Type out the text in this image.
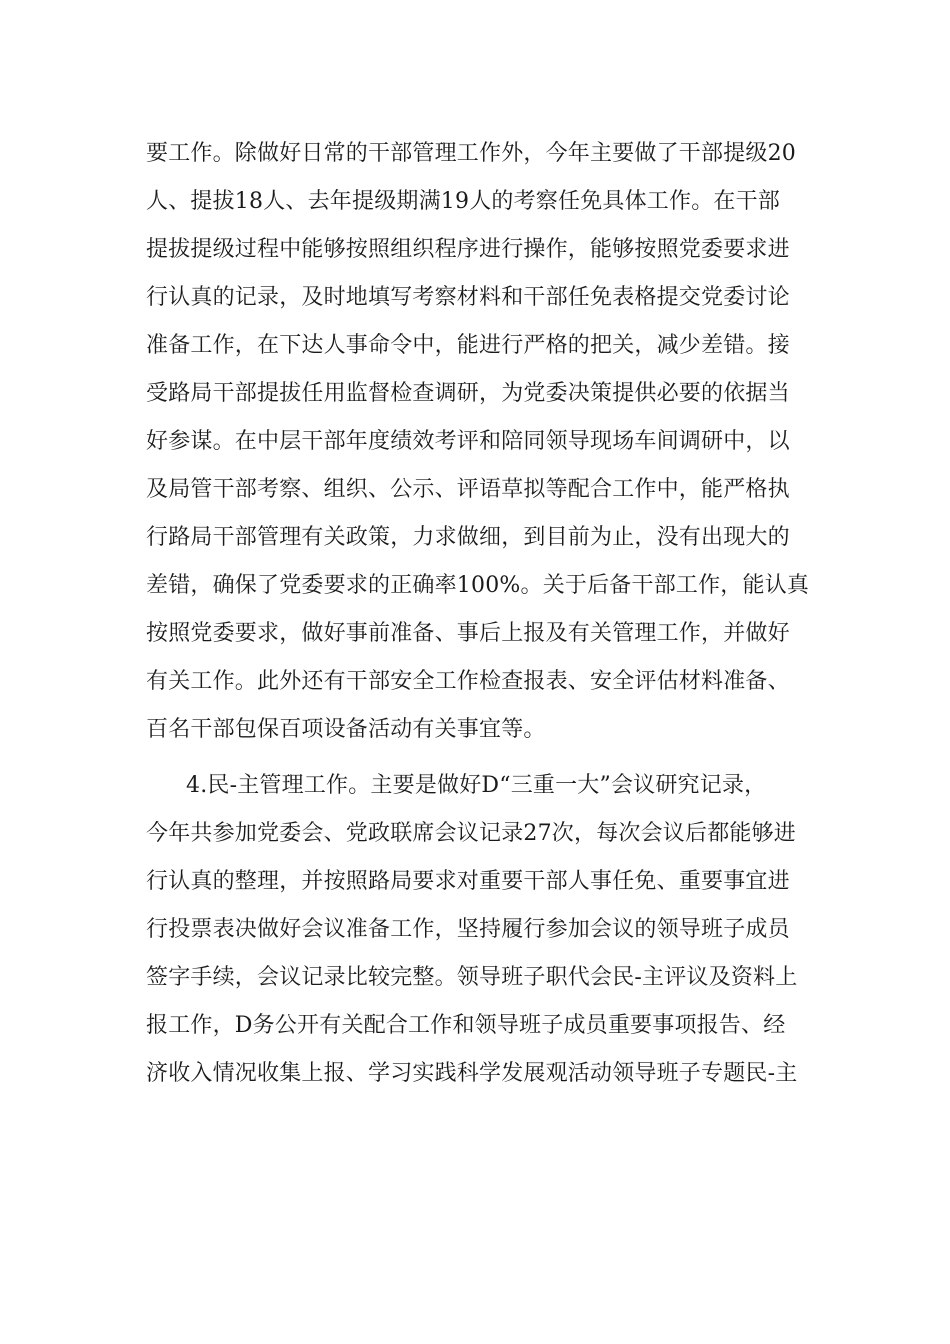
要工作。除做好日常的干部管理工作外，今年主要做了干部提级20
人、提拔18人、去年提级期满19人的考察任免具体工作。在干部
提拔提级过程中能够按照组织程序进行操作，能够按照党委要求进
行认真的记录，及时地填写考察材料和干部任免表格提交党委讨论
准备工作，在下达人事命令中，能进行严格的把关，减少差错。接
受路局干部提拔任用监督检查调研，为党委决策提供必要的依据当
好参谋。在中层干部年度绩效考评和陪同领导现场车间调研中，以
及局管干部考察、组织、公示、评语草拟等配合工作中，能严格执
行路局干部管理有关政策，力求做细，到目前为止，没有出现大的
差错，确保了党委要求的正确率100%。关于后备干部工作，能认真
按照党委要求，做好事前准备、事后上报及有关管理工作，并做好
有关工作。此外还有干部安全工作检查报表、安全评估材料准备、
百名干部包保百项设备活动有关事宜等。
4.民-主管理工作。主要是做好D“三重一大”会议研究记录，
今年共参加党委会、党政联席会议记录27次，每次会议后都能够进
行认真的整理，并按照路局要求对重要干部人事任免、重要事宜进
行投票表决做好会议准备工作，坚持履行参加会议的领导班子成员
签字手续，会议记录比较完整。领导班子职代会民-主评议及资料上
报工作，D务公开有关配合工作和领导班子成员重要事项报告、经
济收入情况收集上报、学习实践科学发展观活动领导班子专题民-主
